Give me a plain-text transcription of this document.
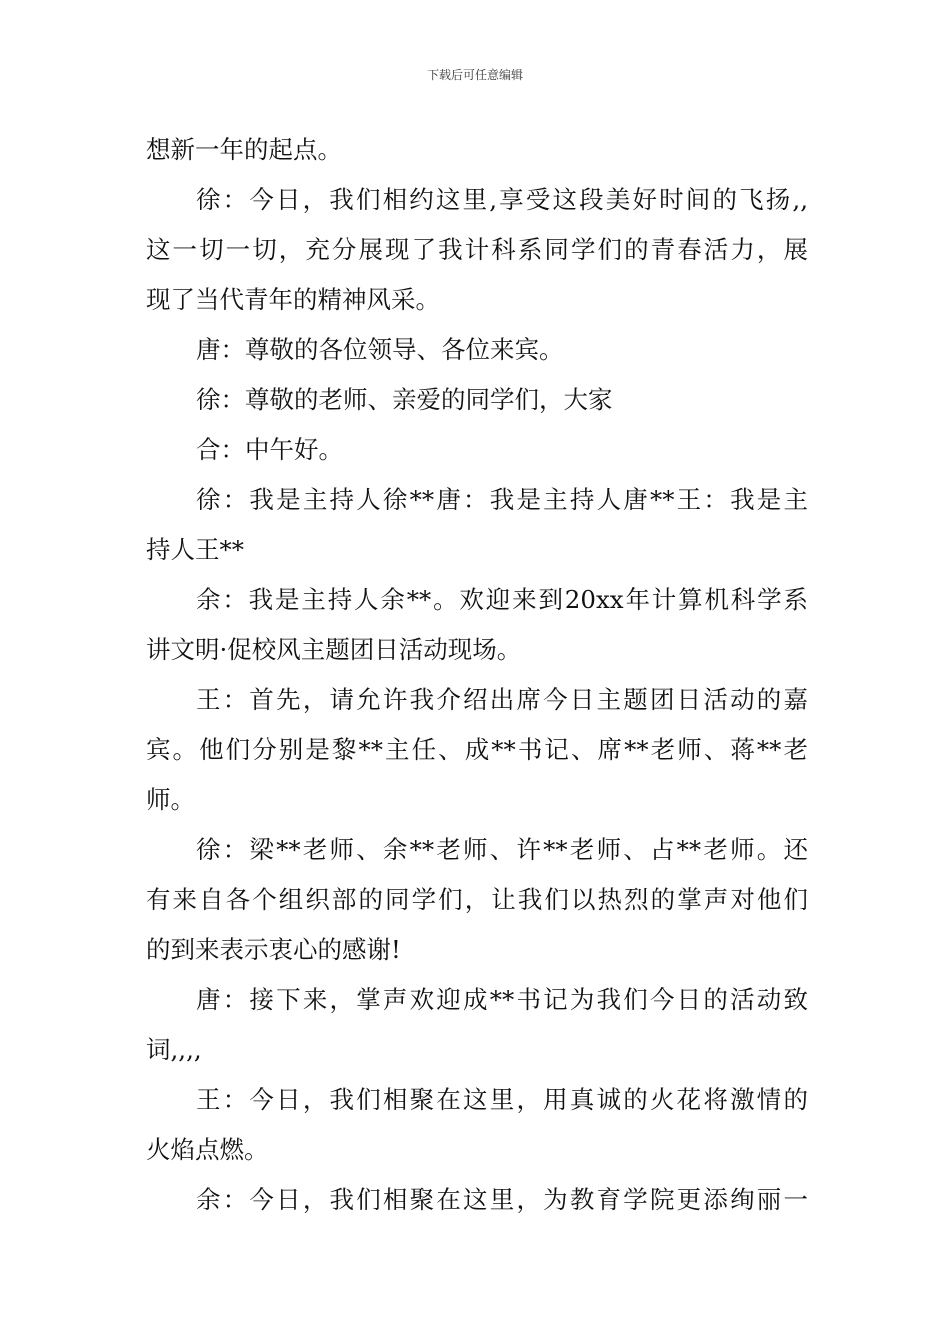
下载后可任意编辑
想新一年的起点。
徐：今日，我们相约这里,享受这段美好时间的飞扬,,
这一切一切，充分展现了我计科系同学们的青春活力，展
现了当代青年的精神风采。
唐：尊敬的各位领导、各位来宾。
徐：尊敬的老师、亲爱的同学们，大家
合：中午好。
徐：我是主持人徐**唐：我是主持人唐**王：我是主
持人王**
余：我是主持人余**。欢迎来到20xx年计算机科学系
讲文明·促校风主题团日活动现场。
王：首先，请允许我介绍出席今日主题团日活动的嘉
宾。他们分别是黎**主任、成**书记、席**老师、蒋**老
师。
徐：梁**老师、余**老师、许**老师、占**老师。还
有来自各个组织部的同学们，让我们以热烈的掌声对他们
的到来表示衷心的感谢!
唐：接下来，掌声欢迎成**书记为我们今日的活动致
词,,,,
王：今日，我们相聚在这里，用真诚的火花将激情的
火焰点燃。
余：今日，我们相聚在这里，为教育学院更添绚丽一
